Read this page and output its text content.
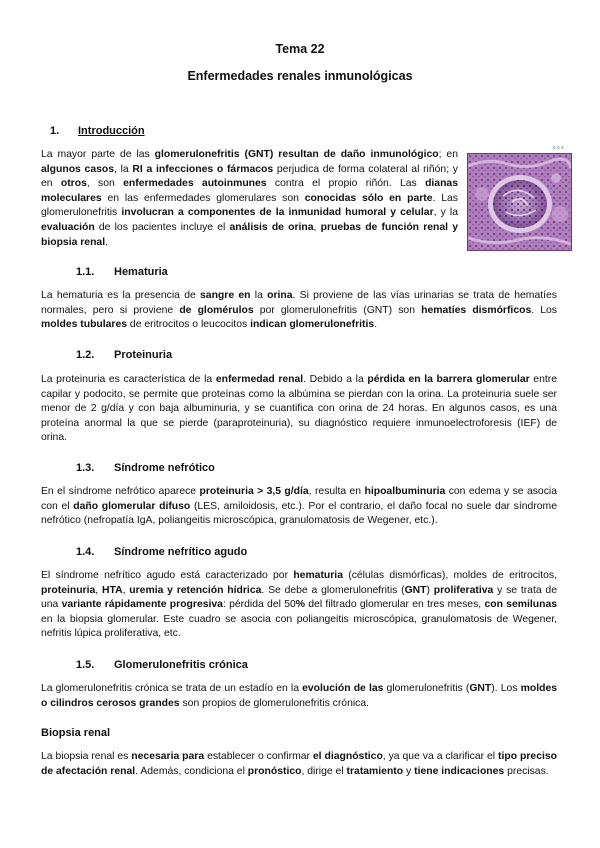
Tema 22
Enfermedades renales inmunológicas
1. Introducción
© © ©

La mayor parte de las glomerulonefritis (GNT) resultan de daño inmunológico; en algunos casos, la RI a infecciones o fármacos perjudica de forma colateral al riñón; y en otros, son enfermedades autoinmunes contra el propio riñón. Las dianas moleculares en las enfermedades glomerulares son conocidas sólo en parte. Las glomerulonefritis involucran a componentes de la inmunidad humoral y celular, y la evaluación de los pacientes incluye el análisis de orina, pruebas de función renal y biopsia renal.

1.1. Hematuria

La hematuria es la presencia de sangre en la orina. Si proviene de las vías urinarias se trata de hematíes normales, pero si proviene de glomérulos por glomerulonefritis (GNT) son hematíes dismórficos. Los moldes tubulares de eritrocitos o leucocitos indican glomerulonefritis.

1.2. Proteinuria

La proteinuria es característica de la enfermedad renal. Debido a la pérdida en la barrera glomerular entre capilar y podocito, se permite que proteínas como la albúmina se pierdan con la orina. La proteinuria suele ser menor de 2 g/día y con baja albuminuria, y se cuantifica con orina de 24 horas. En algunos casos, es una proteína anormal la que se pierde (paraproteinuria), su diagnóstico requiere inmunoelectroforesis (IEF) de orina.

1.3. Síndrome nefrótico

En el síndrome nefrótico aparece proteinuria > 3,5 g/día, resulta en hipoalbuminuria con edema y se asocia con el daño glomerular difuso (LES, amiloidosis, etc.). Por el contrario, el daño focal no suele dar síndrome nefrótico (nefropatía IgA, poliangeitis microscópica, granulomatosis de Wegener, etc.).

1.4. Síndrome nefrítico agudo

El síndrome nefrítico agudo está caracterizado por hematuria (células dismórficas), moldes de eritrocitos, proteinuria, HTA, uremia y retención hídrica. Se debe a glomerulonefritis (GNT) proliferativa y se trata de una variante rápidamente progresiva: pérdida del 50% del filtrado glomerular en tres meses, con semilunas en la biopsia glomerular. Este cuadro se asocia con poliangeitis microscópica, granulomatosis de Wegener, nefritis lúpica proliferativa, etc.

1.5. Glomerulonefritis crónica

La glomerulonefritis crónica se trata de un estadío en la evolución de las glomerulonefritis (GNT). Los moldes o cilindros cerosos grandes son propios de glomerulonefritis crónica.

Biopsia renal

La biopsia renal es necesaria para establecer o confirmar el diagnóstico, ya que va a clarificar el tipo preciso de afectación renal. Además, condiciona el pronóstico, dirige el tratamiento y tiene indicaciones precisas.
